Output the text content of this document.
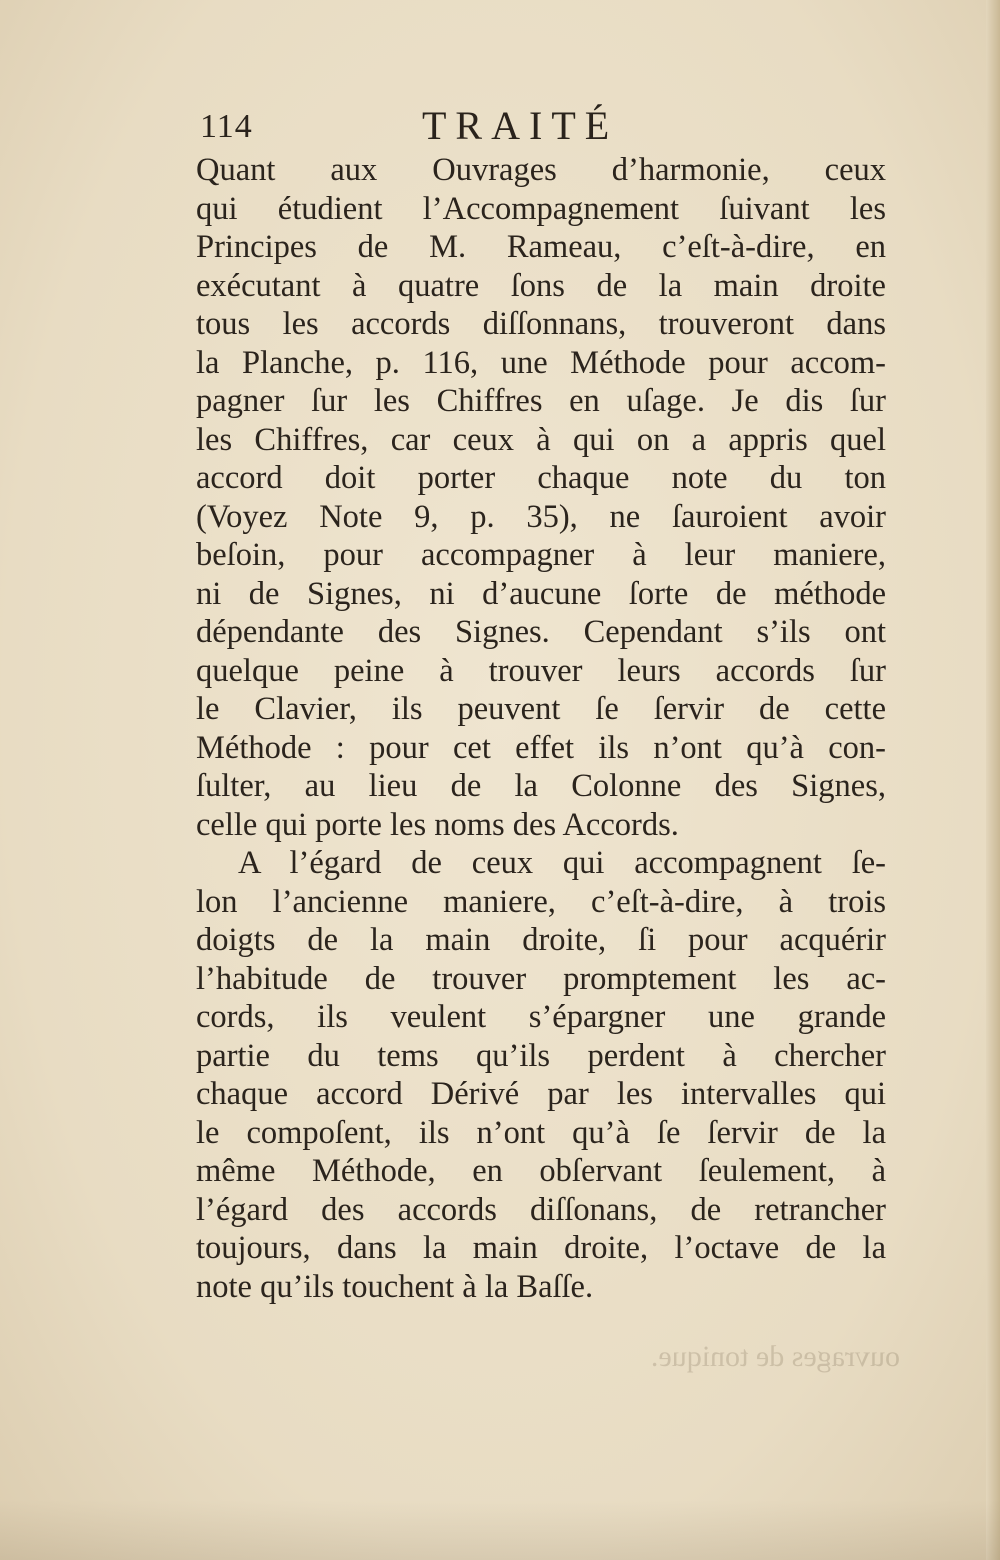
114	TRAITÉ
Quant aux Ouvrages d’harmonie, ceux
qui étudient l’Accompagnement ſuivant les
Principes de M. Rameau, c’eſt-à-dire, en
exécutant à quatre ſons de la main droite
tous les accords diſſonnans, trouveront dans
la Planche, p. 116, une Méthode pour accom-
pagner ſur les Chiffres en uſage. Je dis ſur
les Chiffres, car ceux à qui on a appris quel
accord doit porter chaque note du ton
(Voyez Note 9, p. 35), ne ſauroient avoir
beſoin, pour accompagner à leur maniere,
ni de Signes, ni d’aucune ſorte de méthode
dépendante des Signes. Cependant s’ils ont
quelque peine à trouver leurs accords ſur
le Clavier, ils peuvent ſe ſervir de cette
Méthode : pour cet effet ils n’ont qu’à con-
ſulter, au lieu de la Colonne des Signes,
celle qui porte les noms des Accords.
A l’égard de ceux qui accompagnent ſe-
lon l’ancienne maniere, c’eſt-à-dire, à trois
doigts de la main droite, ſi pour acquérir
l’habitude de trouver promptement les ac-
cords, ils veulent s’épargner une grande
partie du tems qu’ils perdent à chercher
chaque accord Dérivé par les intervalles qui
le compoſent, ils n’ont qu’à ſe ſervir de la
même Méthode, en obſervant ſeulement, à
l’égard des accords diſſonans, de retrancher
toujours, dans la main droite, l’octave de la
note qu’ils touchent à la Baſſe.
ouvrages de tonique.
